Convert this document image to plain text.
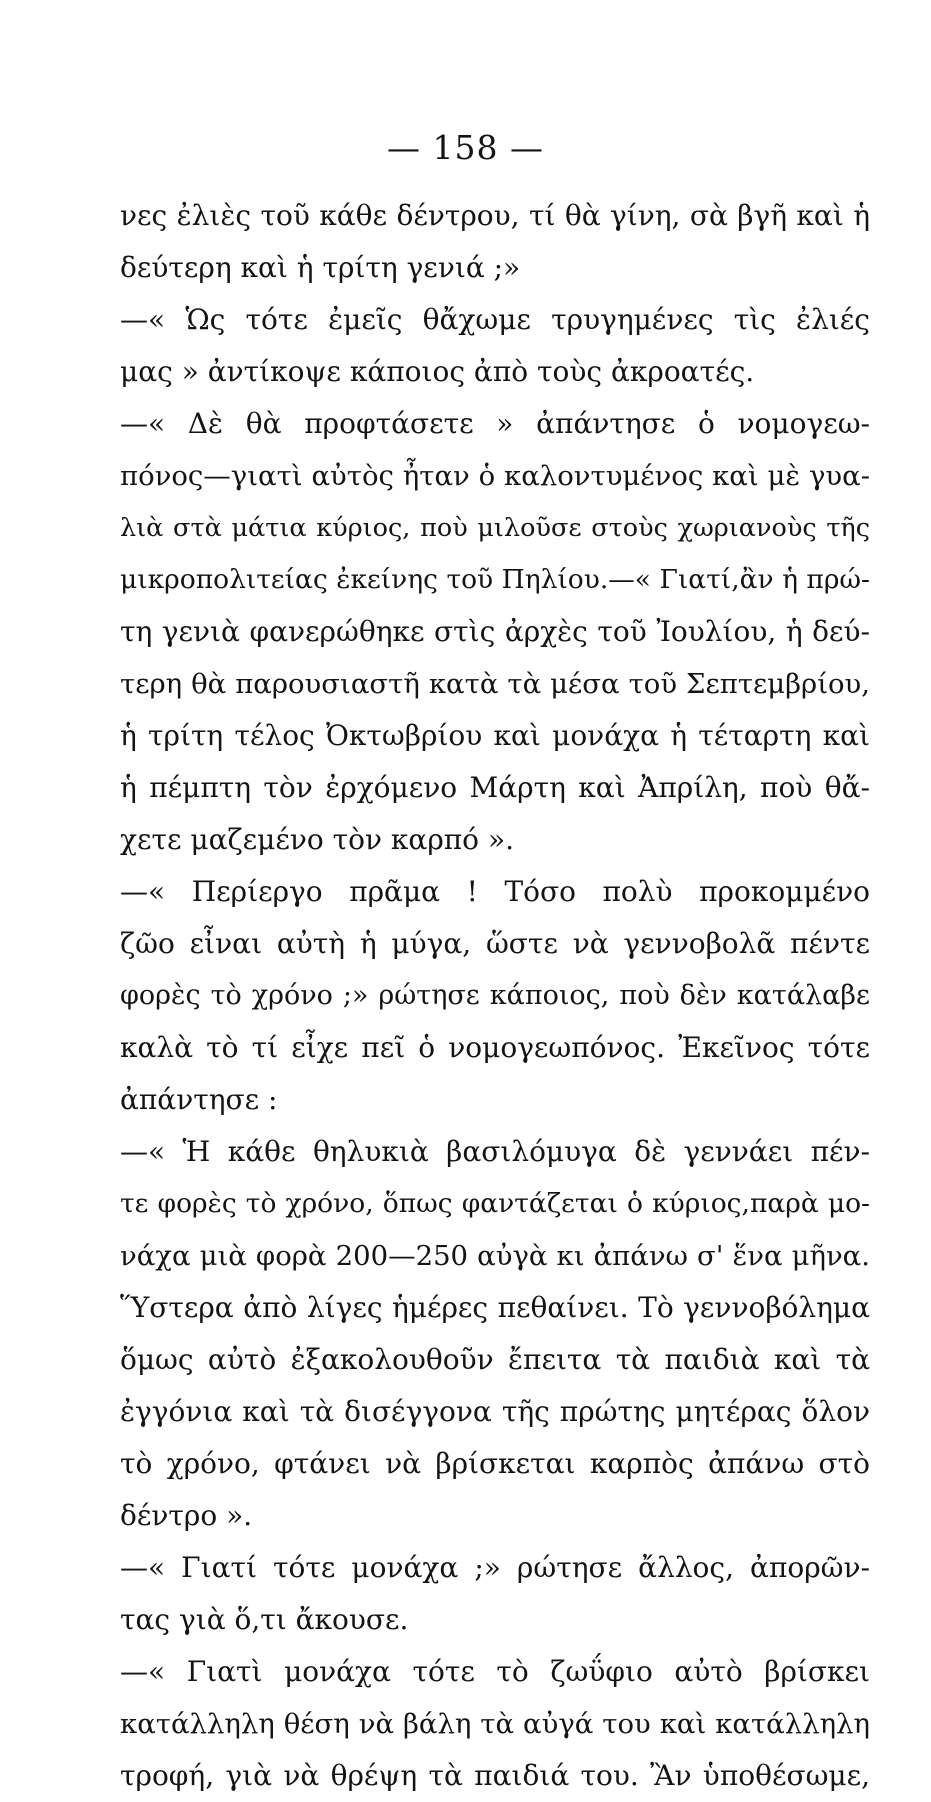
— 158 —
νες ἐλιὲς τοῦ κάθε δέντρου, τί θὰ γίνη, σὰ βγῆ καὶ ἡ
δεύτερη καὶ ἡ τρίτη γενιά ;»
—« Ὡς τότε ἐμεῖς θἄχωμε τρυγημένες τὶς ἐλιές
μας » ἀντίκοψε κάποιος ἀπὸ τοὺς ἀκροατές.
—« Δὲ θὰ προφτάσετε » ἀπάντησε ὁ νομογεω-
πόνος—γιατὶ αὐτὸς ἦταν ὁ καλοντυμένος καὶ μὲ γυα-
λιὰ στὰ μάτια κύριος, ποὺ μιλοῦσε στοὺς χωριανοὺς τῆς
μικροπολιτείας ἐκείνης τοῦ Πηλίου.—« Γιατί,ἂν ἡ πρώ-
τη γενιὰ φανερώθηκε στὶς ἀρχὲς τοῦ Ἰουλίου, ἡ δεύ-
τερη θὰ παρουσιαστῆ κατὰ τὰ μέσα τοῦ Σεπτεμβρίου,
ἡ τρίτη τέλος Ὀκτωβρίου καὶ μονάχα ἡ τέταρτη καὶ
ἡ πέμπτη τὸν ἐρχόμενο Μάρτη καὶ Ἀπρίλη, ποὺ θἄ-
χετε μαζεμένο τὸν καρπό ».
—« Περίεργο πρᾶμα ! Τόσο πολὺ προκομμένο
ζῶο εἶναι αὐτὴ ἡ μύγα, ὥστε νὰ γεννοβολᾶ πέντε
φορὲς τὸ χρόνο ;» ρώτησε κάποιος, ποὺ δὲν κατάλαβε
καλὰ τὸ τί εἶχε πεῖ ὁ νομογεωπόνος. Ἐκεῖνος τότε
ἀπάντησε :
—« Ἡ κάθε θηλυκιὰ βασιλόμυγα δὲ γεννάει πέν-
τε φορὲς τὸ χρόνο, ὅπως φαντάζεται ὁ κύριος,παρὰ μο-
νάχα μιὰ φορὰ 200—250 αὐγὰ κι ἀπάνω σ' ἕνα μῆνα.
Ὕστερα ἀπὸ λίγες ἡμέρες πεθαίνει. Τὸ γεννοβόλημα
ὅμως αὐτὸ ἐξακολουθοῦν ἔπειτα τὰ παιδιὰ καὶ τὰ
ἐγγόνια καὶ τὰ δισέγγονα τῆς πρώτης μητέρας ὅλον
τὸ χρόνο, φτάνει νὰ βρίσκεται καρπὸς ἀπάνω στὸ
δέντρο ».
—« Γιατί τότε μονάχα ;» ρώτησε ἄλλος, ἀπορῶν-
τας γιὰ ὅ,τι ἄκουσε.
—« Γιατὶ μονάχα τότε τὸ ζωΰφιο αὐτὸ βρίσκει
κατάλληλη θέση νὰ βάλη τὰ αὐγά του καὶ κατάλληλη
τροφή, γιὰ νὰ θρέψη τὰ παιδιά του. Ἂν ὑποθέσωμε,
